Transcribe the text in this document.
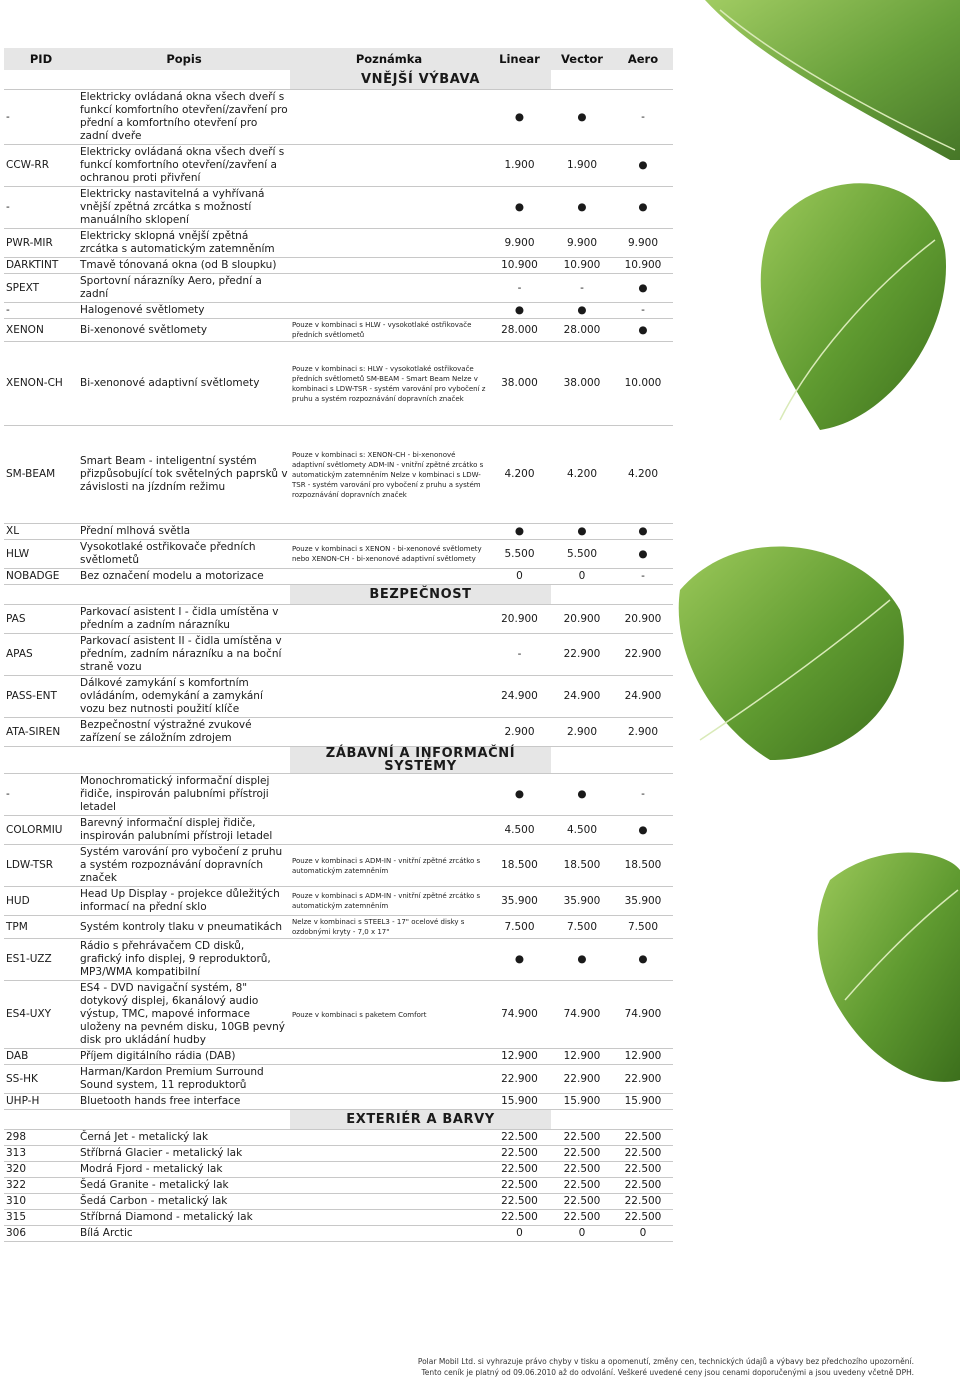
PID	Popis	Poznámka	Linear	Vector	Aero
		VNĚJŠÍ VÝBAVA			
-	Elektricky ovládaná okna všech dveří s funkcí komfortního otevření/zavření pro přední a komfortního otevření pro zadní dveře		●	●	-
CCW-RR	Elektricky ovládaná okna všech dveří s funkcí komfortního otevření/zavření a ochranou proti přivření		1.900	1.900	●
-	Elektricky nastavitelná a vyhřívaná vnější zpětná zrcátka s možností manuálního sklopení		●	●	●
PWR-MIR	Elektricky sklopná vnější zpětná zrcátka s automatickým zatemněním		9.900	9.900	9.900
DARKTINT	Tmavě tónovaná okna (od B sloupku)		10.900	10.900	10.900
SPEXT	Sportovní nárazníky Aero, přední a zadní		-	-	●
-	Halogenové světlomety		●	●	-
XENON	Bi-xenonové světlomety	Pouze v kombinaci s HLW - vysokotlaké ostřikovače předních světlometů	28.000	28.000	●
XENON-CH	Bi-xenonové adaptivní světlomety	Pouze v kombinaci s: HLW - vysokotlaké ostřikovače předních světlometů SM-BEAM - Smart Beam Nelze v kombinaci s LDW-TSR - systém varování pro vybočení z pruhu a systém rozpoznávání dopravních značek	38.000	38.000	10.000
SM-BEAM	Smart Beam - inteligentní systém přizpůsobující tok světelných paprsků v závislosti na jízdním režimu	Pouze v kombinaci s: XENON-CH - bi-xenonové adaptivní světlomety ADM-IN - vnitřní zpětné zrcátko s automatickým zatemněním Nelze v kombinaci s LDW-TSR - systém varování pro vybočení z pruhu a systém rozpoznávání dopravních značek	4.200	4.200	4.200
XL	Přední mlhová světla		●	●	●
HLW	Vysokotlaké ostřikovače předních světlometů	Pouze v kombinaci s XENON - bi-xenonové světlomety nebo XENON-CH - bi-xenonové adaptivní světlomety	5.500	5.500	●
NOBADGE	Bez označení modelu a motorizace		0	0	-
		BEZPEČNOST			
PAS	Parkovací asistent I - čidla umístěna v předním a zadním nárazníku		20.900	20.900	20.900
APAS	Parkovací asistent II - čidla umístěna v předním, zadním nárazníku a na boční straně vozu		-	22.900	22.900
PASS-ENT	Dálkové zamykání s komfortním ovládáním, odemykání a zamykání vozu bez nutnosti použití klíče		24.900	24.900	24.900
ATA-SIREN	Bezpečnostní výstražné zvukové zařízení se záložním zdrojem		2.900	2.900	2.900
		ZÁBAVNÍ A INFORMAČNÍ SYSTÉMY			
-	Monochromatický informační displej řidiče, inspirován palubními přístroji letadel		●	●	-
COLORMIU	Barevný informační displej řidiče, inspirován palubními přístroji letadel		4.500	4.500	●
LDW-TSR	Systém varování pro vybočení z pruhu a systém rozpoznávání dopravních značek	Pouze v kombinaci s ADM-IN - vnitřní zpětné zrcátko s automatickým zatemněním	18.500	18.500	18.500
HUD	Head Up Display - projekce důležitých informací na přední sklo	Pouze v kombinaci s ADM-IN - vnitřní zpětné zrcátko s automatickým zatemněním	35.900	35.900	35.900
TPM	Systém kontroly tlaku v pneumatikách	Nelze v kombinaci s STEEL3 - 17" ocelové disky s ozdobnými kryty - 7,0 x 17"	7.500	7.500	7.500
ES1-UZZ	Rádio s přehrávačem CD disků, grafický info displej, 9 reproduktorů, MP3/WMA kompatibilní		●	●	●
ES4-UXY	ES4 - DVD navigační systém, 8" dotykový displej, 6kanálový audio výstup, TMC, mapové informace uloženy na pevném disku, 10GB pevný disk pro ukládání hudby	Pouze v kombinaci s paketem Comfort	74.900	74.900	74.900
DAB	Příjem digitálního rádia (DAB)		12.900	12.900	12.900
SS-HK	Harman/Kardon Premium Surround Sound system, 11 reproduktorů		22.900	22.900	22.900
UHP-H	Bluetooth hands free interface		15.900	15.900	15.900
		EXTERIÉR A BARVY			
298	Černá Jet - metalický lak		22.500	22.500	22.500
313	Stříbrná Glacier - metalický lak		22.500	22.500	22.500
320	Modrá Fjord - metalický lak		22.500	22.500	22.500
322	Šedá Granite - metalický lak		22.500	22.500	22.500
310	Šedá Carbon - metalický lak		22.500	22.500	22.500
315	Stříbrná Diamond - metalický lak		22.500	22.500	22.500
306	Bílá Arctic		0	0	0
Polar Mobil Ltd. si vyhrazuje právo chyby v tisku a opomenutí, změny cen, technických údajů a výbavy bez předchozího upozornění.
Tento ceník je platný od 09.06.2010 až do odvolání. Veškeré uvedené ceny jsou cenami doporučenými a jsou uvedeny včetně DPH.
